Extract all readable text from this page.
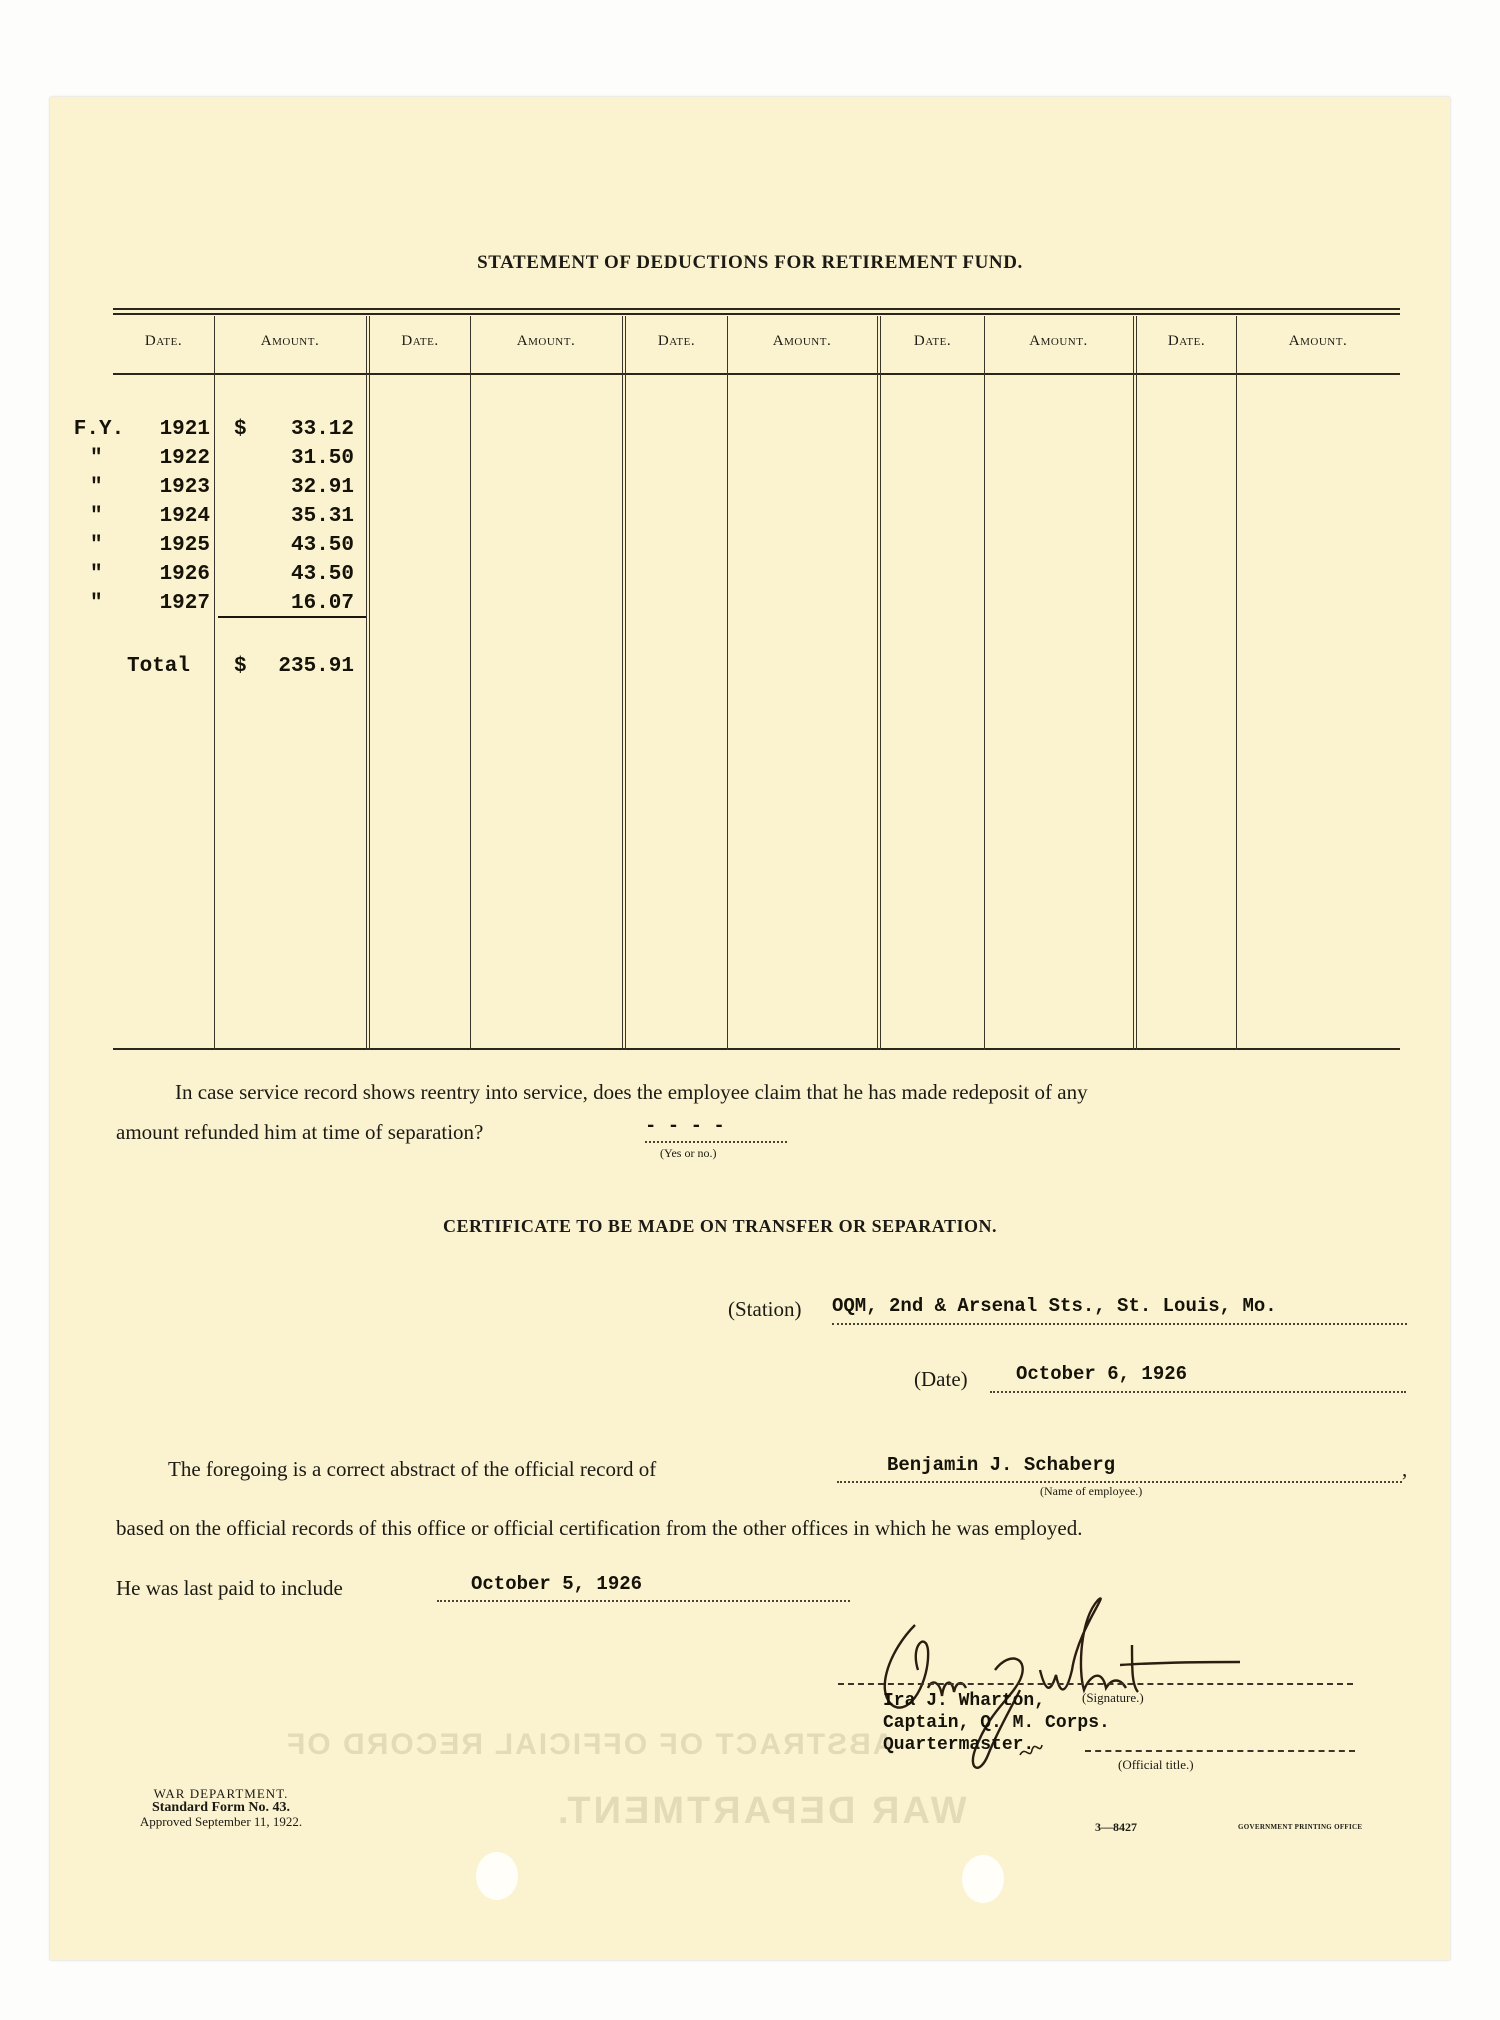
ABSTRACT OF OFFICIAL RECORD OF
WAR DEPARTMENT.
STATEMENT OF DEDUCTIONS FOR RETIREMENT FUND.
Date.	Amount.	Date.	Amount.	Date.	Amount.	Date.	Amount.	Date.	Amount.
F.Y. 1921 $ 33.12
"	1922	31.50
"	1923	32.91
"	1924	35.31
"	1925	43.50
"	1926	43.50
"	1927	16.07
Total $ 235.91
In case service record shows reentry into service, does the employee claim that he has made redeposit of any
amount refunded him at time of separation?	- - - -
(Yes or no.)
CERTIFICATE TO BE MADE ON TRANSFER OR SEPARATION.
(Station) OQM, 2nd & Arsenal Sts., St. Louis, Mo.
(Date)	October 6, 1926
The foregoing is a correct abstract of the official record of	Benjamin J. Schaberg	,
(Name of employee.)
based on the official records of this office or official certification from the other offices in which he was employed.
He was last paid to include	October 5, 1926
(Signature.)
Ira J. Wharton,
Captain, Q. M. Corps.
Quartermaster.
(Official title.)
WAR DEPARTMENT.
Standard Form No. 43.
Approved September 11, 1922.	3—8427	GOVERNMENT PRINTING OFFICE
